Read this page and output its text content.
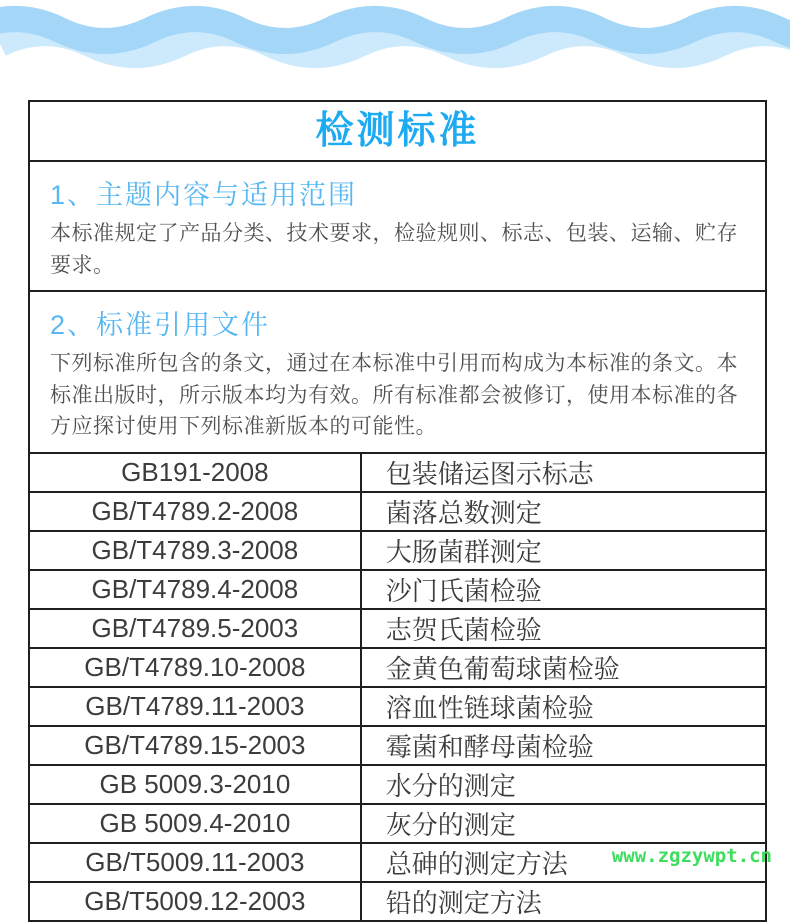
检测标准
1、主题内容与适用范围
本标准规定了产品分类、技术要求，检验规则、标志、包装、运输、贮存要求。
2、标准引用文件
下列标准所包含的条文，通过在本标准中引用而构成为本标准的条文。本标准出版时，所示版本均为有效。所有标准都会被修订，使用本标准的各方应探讨使用下列标准新版本的可能性。
GB191-2008	包装储运图示标志
GB/T4789.2-2008	菌落总数测定
GB/T4789.3-2008	大肠菌群测定
GB/T4789.4-2008	沙门氏菌检验
GB/T4789.5-2003	志贺氏菌检验
GB/T4789.10-2008	金黄色葡萄球菌检验
GB/T4789.11-2003	溶血性链球菌检验
GB/T4789.15-2003	霉菌和酵母菌检验
GB 5009.3-2010	水分的测定
GB 5009.4-2010	灰分的测定
GB/T5009.11-2003	总砷的测定方法
GB/T5009.12-2003	铅的测定方法
www.zgzywpt.cn
